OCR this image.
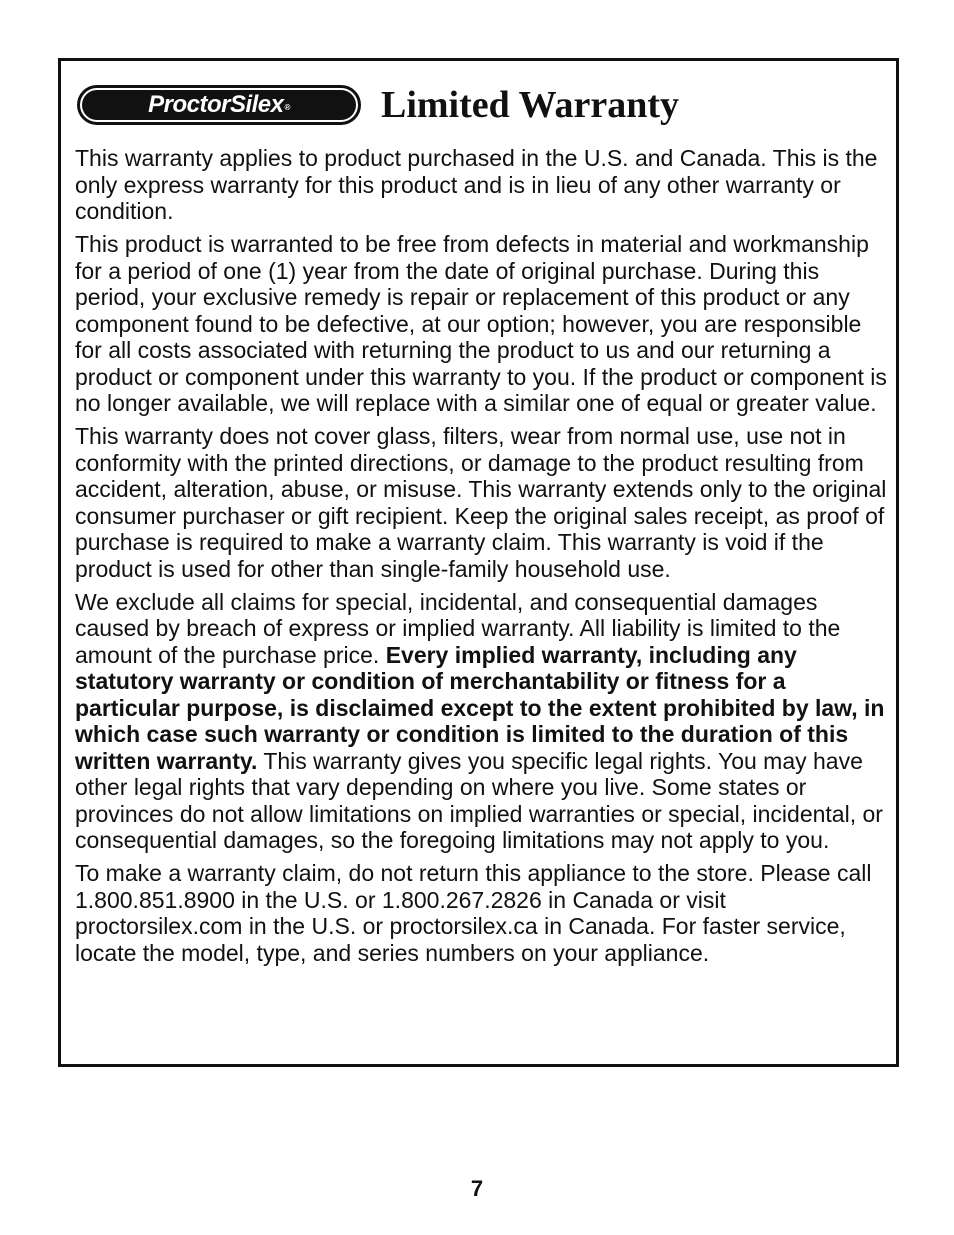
ProctorSilex ® Limited Warranty

This warranty applies to product purchased in the U.S. and Canada. This is the only express warranty for this product and is in lieu of any other warranty or condition.

This product is warranted to be free from defects in material and workmanship for a period of one (1) year from the date of original purchase. During this period, your exclusive remedy is repair or replacement of this product or any component found to be defective, at our option; however, you are responsible for all costs associated with returning the product to us and our returning a product or component under this warranty to you. If the product or component is no longer available, we will replace with a similar one of equal or greater value.

This warranty does not cover glass, filters, wear from normal use, use not in conformity with the printed directions, or damage to the product resulting from accident, alteration, abuse, or misuse. This warranty extends only to the original consumer purchaser or gift recipient. Keep the original sales receipt, as proof of purchase is required to make a warranty claim. This warranty is void if the product is used for other than single-family household use.

We exclude all claims for special, incidental, and consequential damages caused by breach of express or implied warranty. All liability is limited to the amount of the purchase price. Every implied warranty, including any statutory warranty or condition of merchantability or fitness for a particular purpose, is disclaimed except to the extent prohibited by law, in which case such warranty or condition is limited to the duration of this written warranty. This warranty gives you specific legal rights. You may have other legal rights that vary depending on where you live. Some states or provinces do not allow limitations on implied warranties or special, incidental, or consequential damages, so the foregoing limitations may not apply to you.

To make a warranty claim, do not return this appliance to the store. Please call 1.800.851.8900 in the U.S. or 1.800.267.2826 in Canada or visit proctorsilex.com in the U.S. or proctorsilex.ca in Canada. For faster service, locate the model, type, and series numbers on your appliance.

7
